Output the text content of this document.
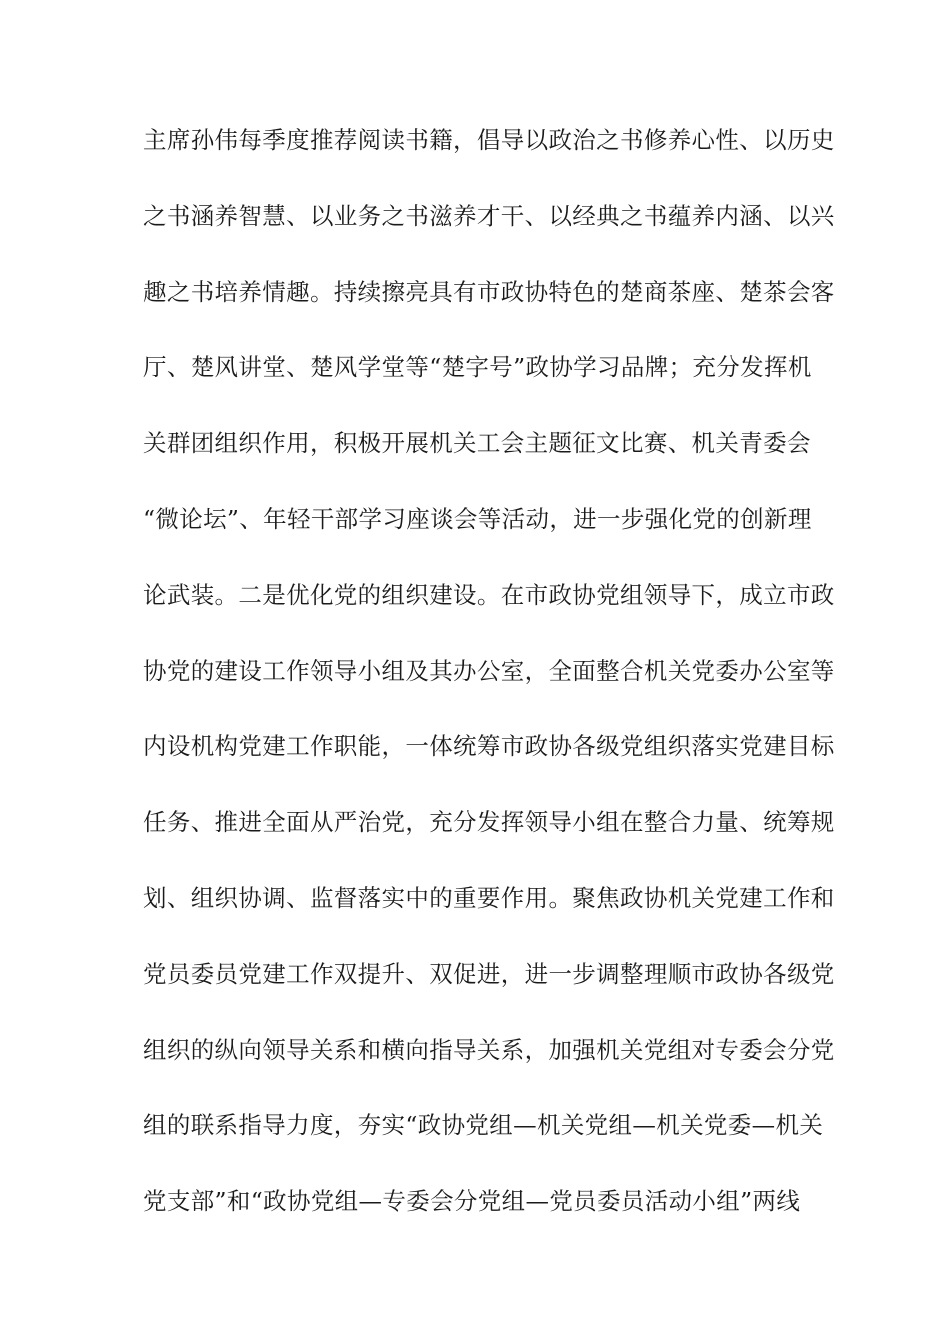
主席孙伟每季度推荐阅读书籍，倡导以政治之书修养心性、以历史
之书涵养智慧、以业务之书滋养才干、以经典之书蕴养内涵、以兴
趣之书培养情趣。持续擦亮具有市政协特色的楚商茶座、楚茶会客
厅、楚风讲堂、楚风学堂等“楚字号”政协学习品牌；充分发挥机
关群团组织作用，积极开展机关工会主题征文比赛、机关青委会
“微论坛”、年轻干部学习座谈会等活动，进一步强化党的创新理
论武装。二是优化党的组织建设。在市政协党组领导下，成立市政
协党的建设工作领导小组及其办公室，全面整合机关党委办公室等
内设机构党建工作职能，一体统筹市政协各级党组织落实党建目标
任务、推进全面从严治党，充分发挥领导小组在整合力量、统筹规
划、组织协调、监督落实中的重要作用。聚焦政协机关党建工作和
党员委员党建工作双提升、双促进，进一步调整理顺市政协各级党
组织的纵向领导关系和横向指导关系，加强机关党组对专委会分党
组的联系指导力度，夯实“政协党组—机关党组—机关党委—机关
党支部”和“政协党组—专委会分党组—党员委员活动小组”两线
